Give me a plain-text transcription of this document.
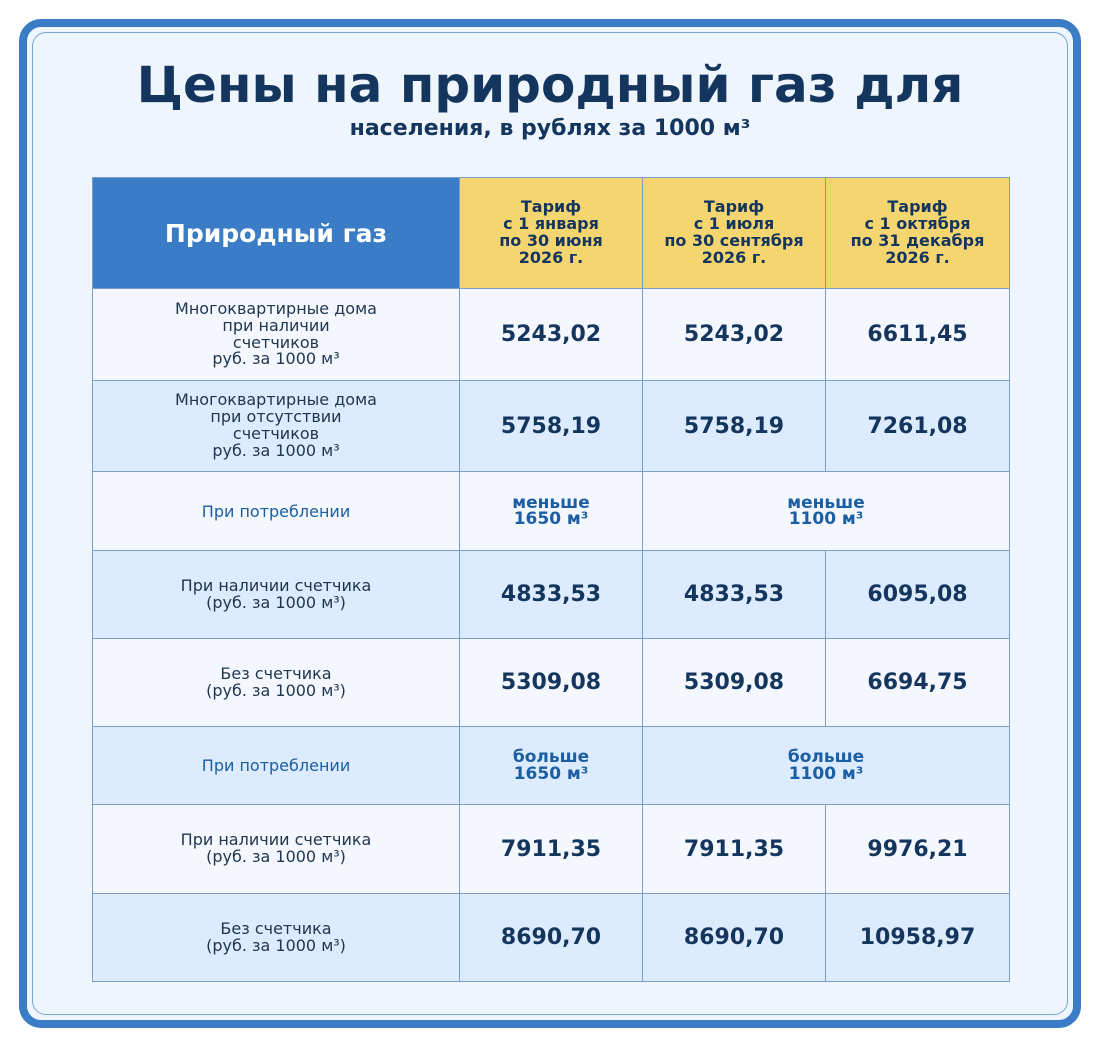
Цены на природный газ для
населения, в рублях за 1000 м³
Природный газ	Тариф
с 1 января
по 30 июня
2026 г.	Тариф
с 1 июля
по 30 сентября
2026 г.	Тариф
с 1 октября
по 31 декабря
2026 г.

Многоквартирные дома
при наличии
счетчиков
руб. за 1000 м³	5243,02	5243,02	6611,45

Многоквартирные дома
при отсутствии
счетчиков
руб. за 1000 м³	5758,19	5758,19	7261,08
При потреблении	меньше
1650 м³	меньше
1100 м³	

При наличии счетчика
(руб. за 1000 м³)	4833,53	4833,53	6095,08

Без счетчика
(руб. за 1000 м³)	5309,08	5309,08	6694,75
При потреблении	больше
1650 м³	больше
1100 м³	

При наличии счетчика
(руб. за 1000 м³)	7911,35	7911,35	9976,21

Без счетчика
(руб. за 1000 м³)	8690,70	8690,70	10958,97
